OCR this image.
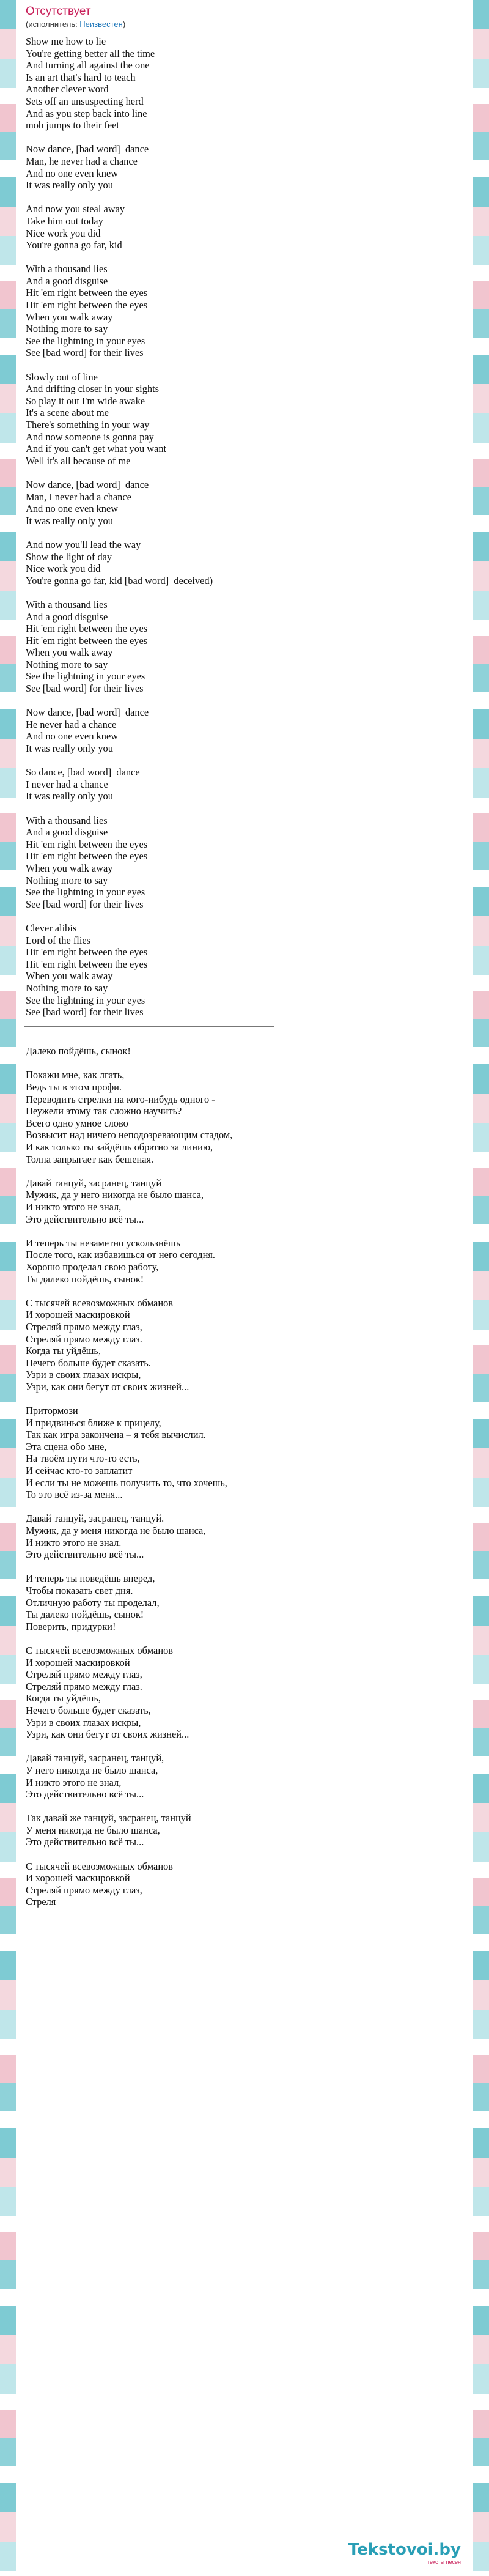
Отсутствует
(исполнитель: Неизвестен)
Show me how to lie
You're getting better all the time
And turning all against the one
Is an art that's hard to teach
Another clever word
Sets off an unsuspecting herd
And as you step back into line
mob jumps to their feet
Now dance, [bad word]  dance
Man, he never had a chance
And no one even knew
It was really only you
And now you steal away
Take him out today
Nice work you did
You're gonna go far, kid
With a thousand lies
And a good disguise
Hit 'em right between the eyes
Hit 'em right between the eyes
When you walk away
Nothing more to say
See the lightning in your eyes
See [bad word] for their lives
Slowly out of line
And drifting closer in your sights
So play it out I'm wide awake
It's a scene about me
There's something in your way
And now someone is gonna pay
And if you can't get what you want
Well it's all because of me
Now dance, [bad word]  dance
Man, I never had a chance
And no one even knew
It was really only you
And now you'll lead the way
Show the light of day
Nice work you did
You're gonna go far, kid [bad word]  deceived)
With a thousand lies
And a good disguise
Hit 'em right between the eyes
Hit 'em right between the eyes
When you walk away
Nothing more to say
See the lightning in your eyes
See [bad word] for their lives
Now dance, [bad word]  dance
He never had a chance
And no one even knew
It was really only you
So dance, [bad word]  dance
I never had a chance
It was really only you
With a thousand lies
And a good disguise
Hit 'em right between the eyes
Hit 'em right between the eyes
When you walk away
Nothing more to say
See the lightning in your eyes
See [bad word] for their lives
Clever alibis
Lord of the flies
Hit 'em right between the eyes
Hit 'em right between the eyes
When you walk away
Nothing more to say
See the lightning in your eyes
See [bad word] for their lives
Далеко пойдёшь, сынок!
Покажи мне, как лгать,
Ведь ты в этом профи.
Переводить стрелки на кого-нибудь одного -
Неужели этому так сложно научить?
Всего одно умное слово
Возвысит над ничего неподозревающим стадом,
И как только ты зайдёшь обратно за линию,
Толпа запрыгает как бешеная.
Давай танцуй, засранец, танцуй
Мужик, да у него никогда не было шанса,
И никто этого не знал,
Это действительно всё ты...
И теперь ты незаметно ускользнёшь
После того, как избавишься от него сегодня.
Хорошо проделал свою работу,
Ты далеко пойдёшь, сынок!
С тысячей всевозможных обманов
И хорошей маскировкой
Стреляй прямо между глаз,
Стреляй прямо между глаз.
Когда ты уйдёшь,
Нечего больше будет сказать.
Узри в своих глазах искры,
Узри, как они бегут от своих жизней...
Притормози
И придвинься ближе к прицелу,
Так как игра закончена – я тебя вычислил.
Эта сцена обо мне,
На твоём пути что-то есть,
И сейчас кто-то заплатит
И если ты не можешь получить то, что хочешь,
То это всё из-за меня...
Давай танцуй, засранец, танцуй.
Мужик, да у меня никогда не было шанса,
И никто этого не знал.
Это действительно всё ты...
И теперь ты поведёшь вперед,
Чтобы показать свет дня.
Отличную работу ты проделал,
Ты далеко пойдёшь, сынок!
Поверить, придурки!
С тысячей всевозможных обманов
И хорошей маскировкой
Стреляй прямо между глаз,
Стреляй прямо между глаз.
Когда ты уйдёшь,
Нечего больше будет сказать,
Узри в своих глазах искры,
Узри, как они бегут от своих жизней...
Давай танцуй, засранец, танцуй,
У него никогда не было шанса,
И никто этого не знал,
Это действительно всё ты...
Так давай же танцуй, засранец, танцуй
У меня никогда не было шанса,
Это действительно всё ты...
С тысячей всевозможных обманов
И хорошей маскировкой
Стреляй прямо между глаз,
Стреля
Tekstovoi.by
тексты песен
